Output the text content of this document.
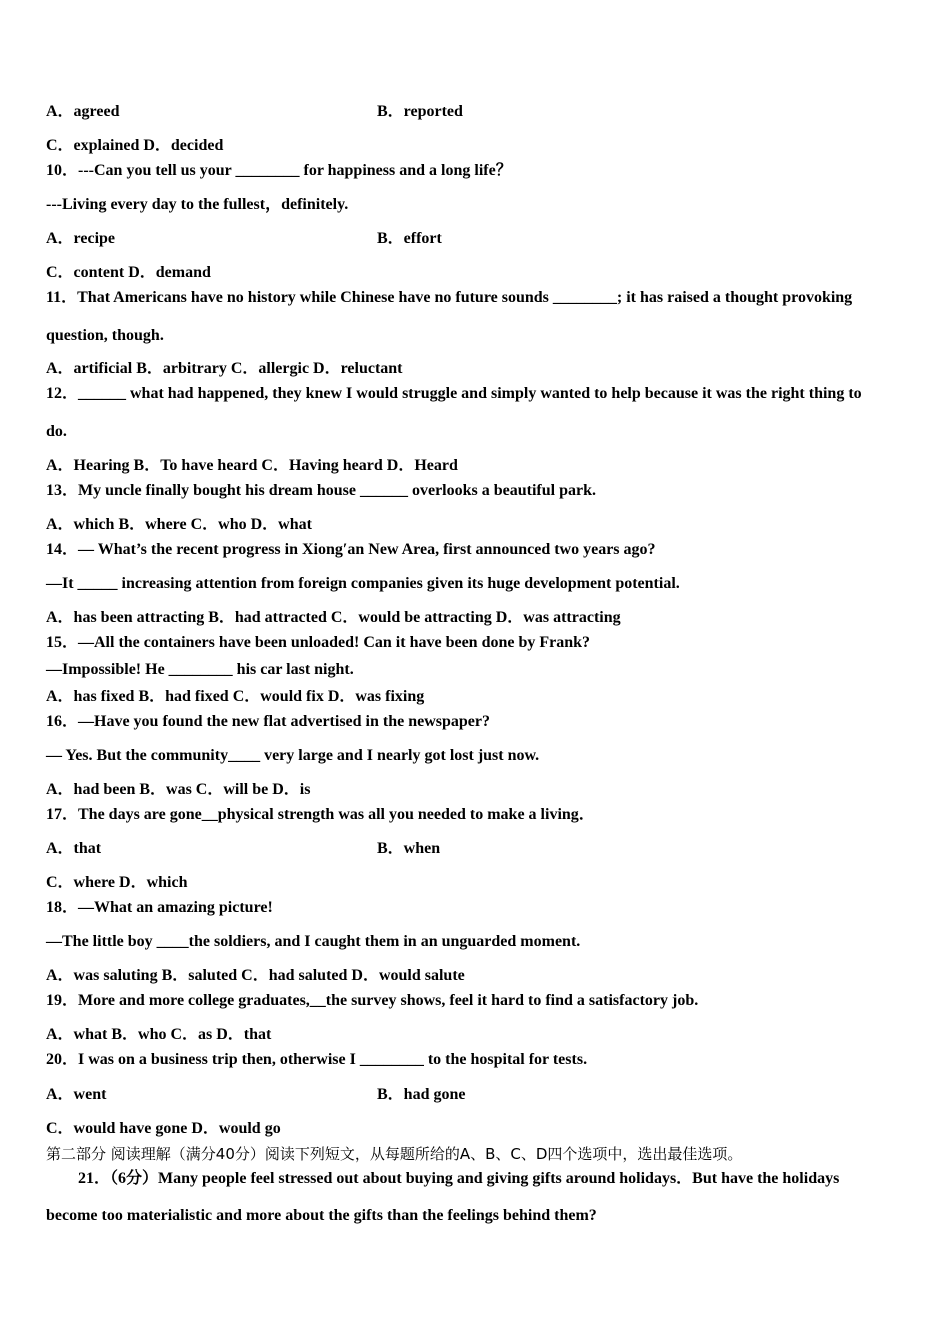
A．agreed	B．reported
C．explained D．decided
10．---Can you tell us your ________ for happiness and a long life？
---Living every day to the fullest，definitely.
A．recipe	B．effort
C．content D．demand
11．That Americans have no history while Chinese have no future sounds ________; it has raised a thought provoking
question, though.
A．artificial B．arbitrary C．allergic D．reluctant
12．______ what had happened, they knew I would struggle and simply wanted to help because it was the right thing to
do.
A．Hearing B．To have heard C．Having heard D．Heard
13．My uncle finally bought his dream house ______ overlooks a beautiful park.
A．which B．where C．who D．what
14．— What’s the recent progress in Xiong′an New Area, first announced two years ago?
—It _____ increasing attention from foreign companies given its huge development potential.
A．has been attracting B．had attracted C．would be attracting D．was attracting
15．—All the containers have been unloaded! Can it have been done by Frank?
—Impossible! He ________ his car last night.
A．has fixed B．had fixed C．would fix D．was fixing
16．—Have you found the new flat advertised in the newspaper?
— Yes. But the community____ very large and I nearly got lost just now.
A．had been B．was C．will be D．is
17．The days are gone__physical strength was all you needed to make a living．
A．that	B．when
C．where D．which
18．—What an amazing picture!
—The little boy ____the soldiers, and I caught them in an unguarded moment.
A．was saluting B．saluted C．had saluted D．would salute
19．More and more college graduates,__the survey shows, feel it hard to find a satisfactory job.
A．what B．who C．as D．that
20．I was on a business trip then, otherwise I ________ to the hospital for tests.
A．went	B．had gone
C．would have gone D．would go
第二部分 阅读理解（满分40分）阅读下列短文，从每题所给的A、B、C、D四个选项中，选出最佳选项。
21．（6分）Many people feel stressed out about buying and giving gifts around holidays．But have the holidays
become too materialistic and more about the gifts than the feelings behind them?
